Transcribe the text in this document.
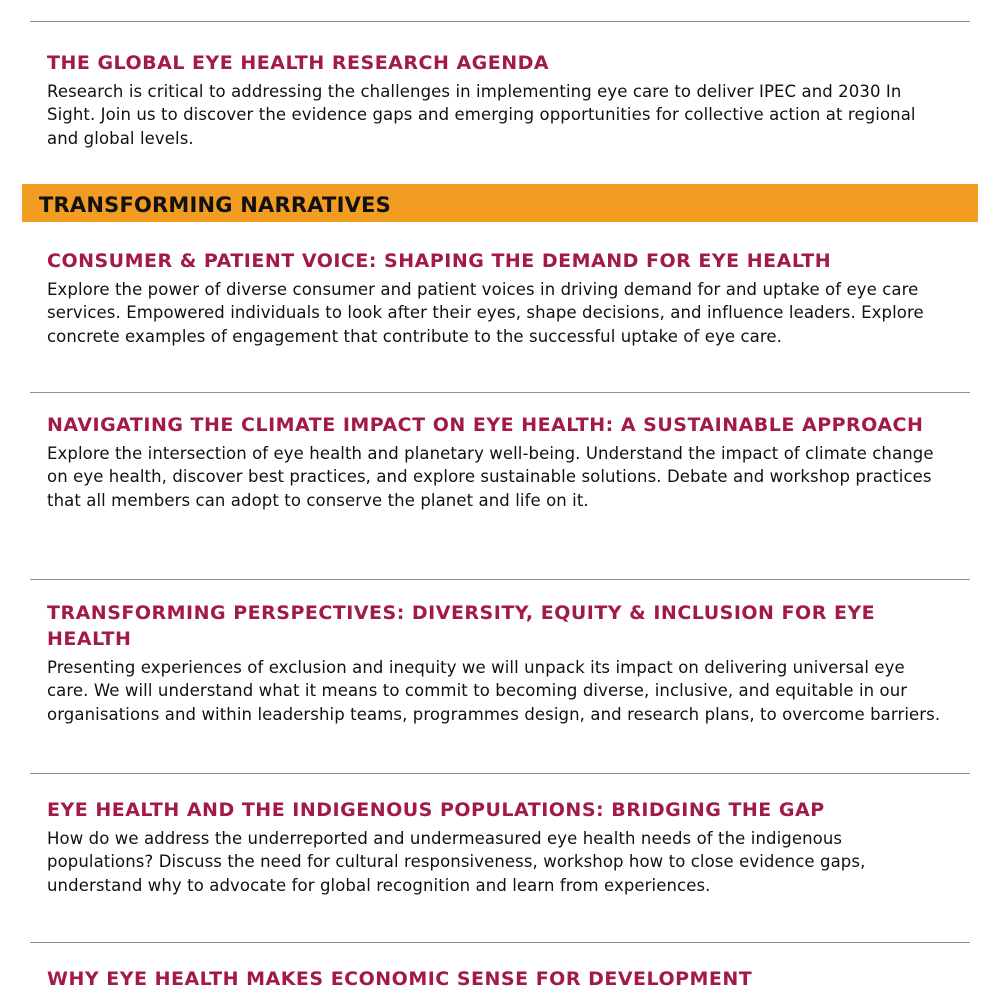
THE GLOBAL EYE HEALTH RESEARCH AGENDA

Research is critical to addressing the challenges in implementing eye care to deliver IPEC and 2030 In Sight. Join us to discover the evidence gaps and emerging opportunities for collective action at regional and global levels.

TRANSFORMING NARRATIVES
CONSUMER & PATIENT VOICE: SHAPING THE DEMAND FOR EYE HEALTH

Explore the power of diverse consumer and patient voices in driving demand for and uptake of eye care services. Empowered individuals to look after their eyes, shape decisions, and influence leaders. Explore concrete examples of engagement that contribute to the successful uptake of eye care.

NAVIGATING THE CLIMATE IMPACT ON EYE HEALTH: A SUSTAINABLE APPROACH

Explore the intersection of eye health and planetary well-being. Understand the impact of climate change on eye health, discover best practices, and explore sustainable solutions. Debate and workshop practices that all members can adopt to conserve the planet and life on it.

TRANSFORMING PERSPECTIVES: DIVERSITY, EQUITY & INCLUSION FOR EYE HEALTH

Presenting experiences of exclusion and inequity we will unpack its impact on delivering universal eye care. We will understand what it means to commit to becoming diverse, inclusive, and equitable in our organisations and within leadership teams, programmes design, and research plans, to overcome barriers.

EYE HEALTH AND THE INDIGENOUS POPULATIONS: BRIDGING THE GAP

How do we address the underreported and undermeasured eye health needs of the indigenous populations? Discuss the need for cultural responsiveness, workshop how to close evidence gaps, understand why to advocate for global recognition and learn from experiences.

WHY EYE HEALTH MAKES ECONOMIC SENSE FOR DEVELOPMENT
